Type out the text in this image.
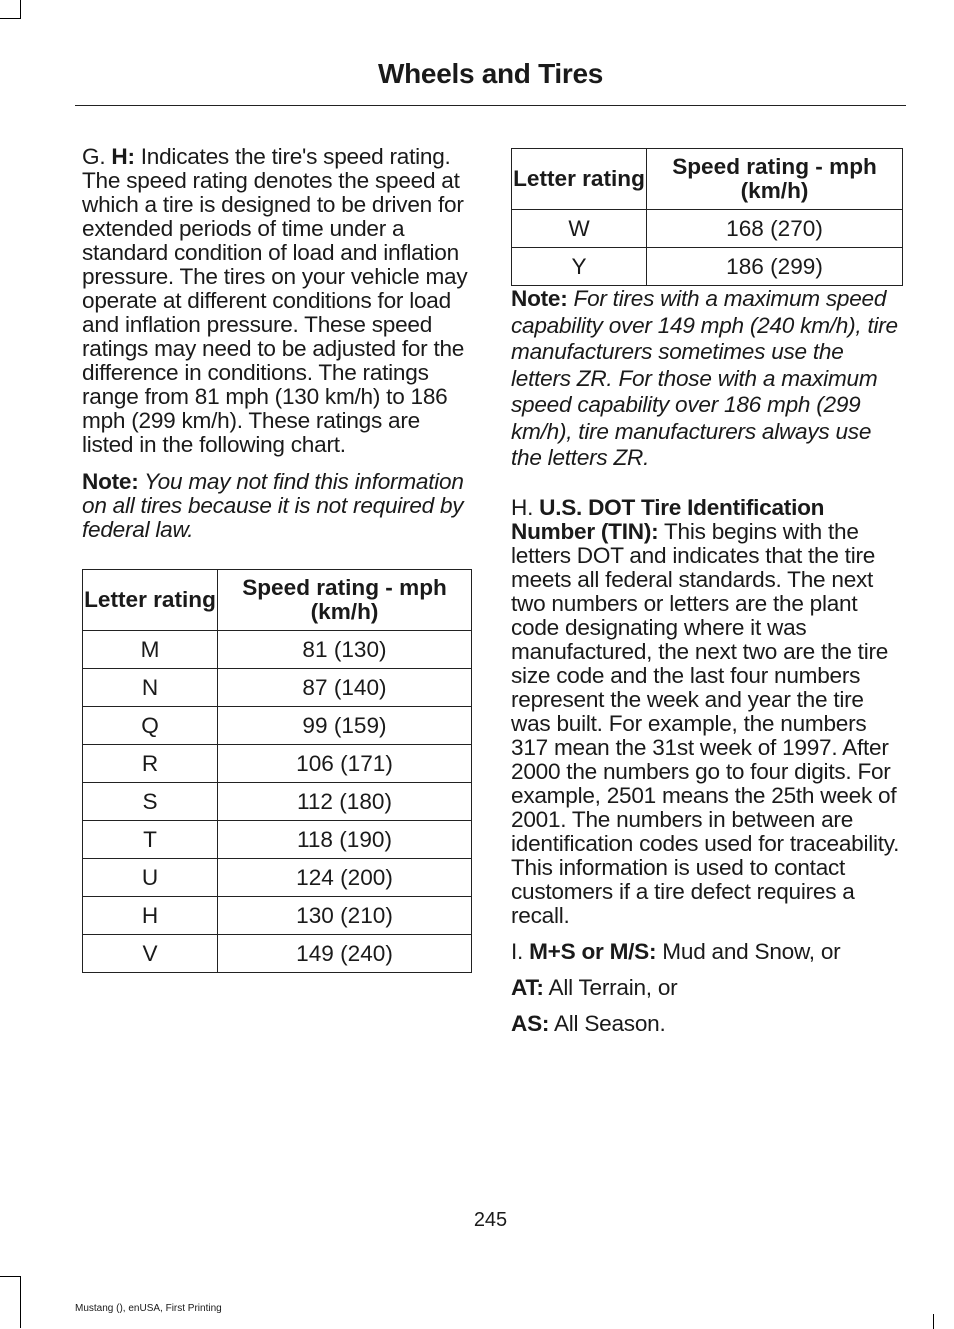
Wheels and Tires

G. H: Indicates the tire's speed rating. The speed rating denotes the speed at which a tire is designed to be driven for extended periods of time under a standard condition of load and inflation pressure. The tires on your vehicle may operate at different conditions for load and inflation pressure. These speed ratings may need to be adjusted for the difference in conditions. The ratings range from 81 mph (130 km/h) to 186 mph (299 km/h). These ratings are listed in the following chart.

Note: You may not find this information on all tires because it is not required by federal law.

Letter rating	Speed rating - mph (km/h)
M	81 (130)
N	87 (140)
Q	99 (159)
R	106 (171)
S	112 (180)
T	118 (190)
U	124 (200)
H	130 (210)
V	149 (240)
Letter rating	Speed rating - mph (km/h)
W	168 (270)
Y	186 (299)

Note: For tires with a maximum speed capability over 149 mph (240 km/h), tire manufacturers sometimes use the letters ZR. For those with a maximum speed capability over 186 mph (299 km/h), tire manufacturers always use the letters ZR.

H. U.S. DOT Tire Identification Number (TIN): This begins with the letters DOT and indicates that the tire meets all federal standards. The next two numbers or letters are the plant code designating where it was manufactured, the next two are the tire size code and the last four numbers represent the week and year the tire was built. For example, the numbers 317 mean the 31st week of 1997. After 2000 the numbers go to four digits. For example, 2501 means the 25th week of 2001. The numbers in between are identification codes used for traceability. This information is used to contact customers if a tire defect requires a recall.

I. M+S or M/S: Mud and Snow, or

AT: All Terrain, or

AS: All Season.

245
Mustang (), enUSA, First Printing
